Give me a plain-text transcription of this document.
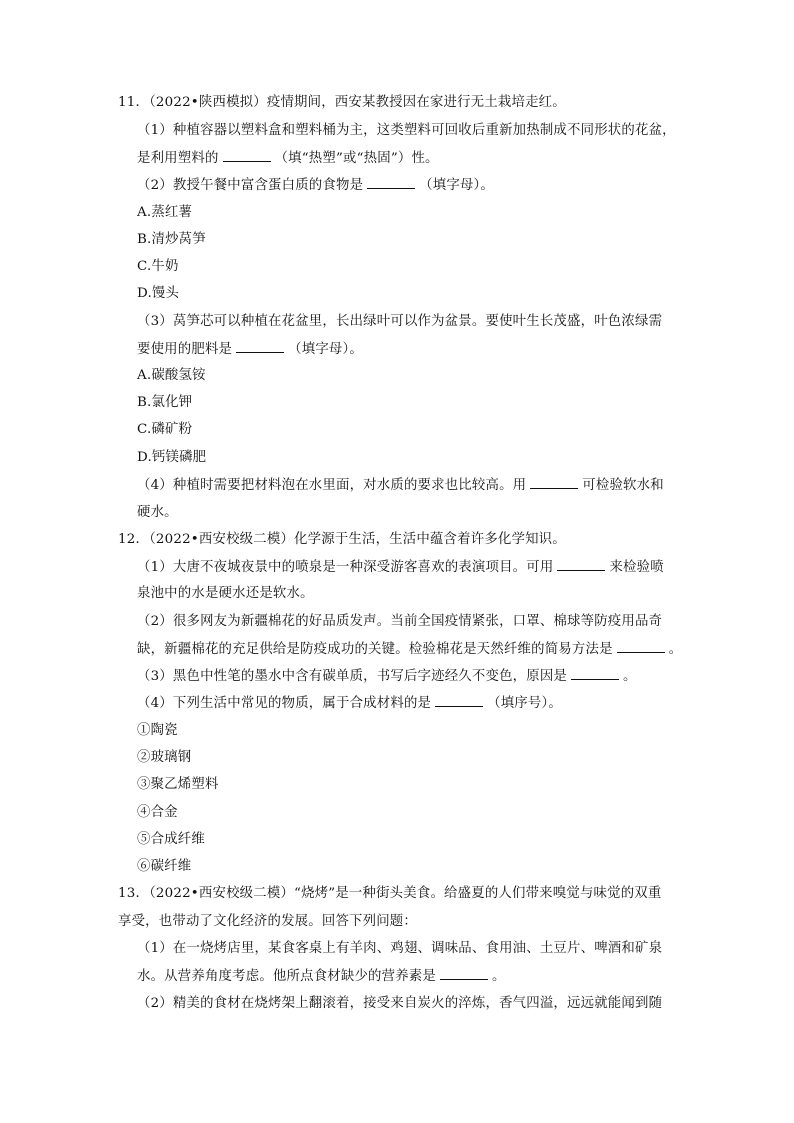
11．（2022•陕西模拟）疫情期间，西安某教授因在家进行无土栽培走红。
（1）种植容器以塑料盒和塑料桶为主，这类塑料可回收后重新加热制成不同形状的花盆，
是利用塑料的	（填“热塑”或“热固”）性。
（2）教授午餐中富含蛋白质的食物是	（填字母）。
A.蒸红薯
B.清炒莴笋
C.牛奶
D.馒头
（3）莴笋芯可以种植在花盆里，长出绿叶可以作为盆景。要使叶生长茂盛，叶色浓绿需
要使用的肥料是	（填字母）。
A.碳酸氢铵
B.氯化钾
C.磷矿粉
D.钙镁磷肥
（4）种植时需要把材料泡在水里面，对水质的要求也比较高。用	可检验软水和
硬水。
12．（2022•西安校级二模）化学源于生活，生活中蕴含着许多化学知识。
（1）大唐不夜城夜景中的喷泉是一种深受游客喜欢的表演项目。可用	来检验喷
泉池中的水是硬水还是软水。
（2）很多网友为新疆棉花的好品质发声。当前全国疫情紧张，口罩、棉球等防疫用品奇
缺，新疆棉花的充足供给是防疫成功的关键。检验棉花是天然纤维的简易方法是	。
（3）黑色中性笔的墨水中含有碳单质，书写后字迹经久不变色，原因是	。
（4）下列生活中常见的物质，属于合成材料的是	（填序号）。
①陶瓷
②玻璃钢
③聚乙烯塑料
④合金
⑤合成纤维
⑥碳纤维
13．（2022•西安校级二模）“烧烤”是一种街头美食。给盛夏的人们带来嗅觉与味觉的双重
享受，也带动了文化经济的发展。回答下列问题：
（1）在一烧烤店里，某食客桌上有羊肉、鸡翅、调味品、食用油、土豆片、啤酒和矿泉
水。从营养角度考虑。他所点食材缺少的营养素是	。
（2）精美的食材在烧烤架上翻滚着，接受来自炭火的淬炼，香气四溢，远远就能闻到随
